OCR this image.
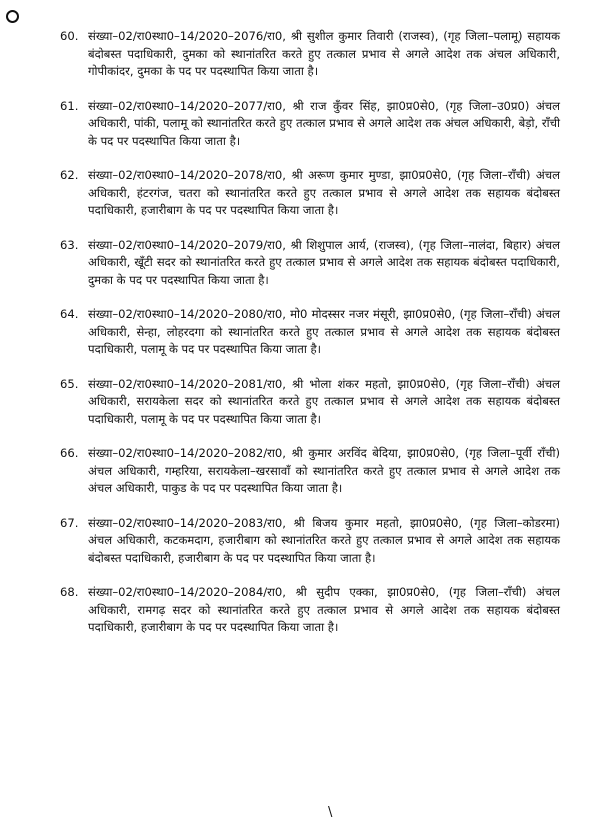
60. संख्या–02/रा0स्था0–14/2020–2076/रा0, श्री सुशील कुमार तिवारी (राजस्व), (गृह जिला–पलामू) सहायक बंदोबस्त पदाधिकारी, दुमका को स्थानांतरित करते हुए तत्काल प्रभाव से अगले आदेश तक अंचल अधिकारी, गोपीकांदर, दुमका के पद पर पदस्थापित किया जाता है।
61. संख्या–02/रा0स्था0–14/2020–2077/रा0, श्री राज कुँवर सिंह, झा0प्र0से0, (गृह जिला–उ0प्र0) अंचल अधिकारी, पांकी, पलामू को स्थानांतरित करते हुए तत्काल प्रभाव से अगले आदेश तक अंचल अधिकारी, बेड़ो, राँची के पद पर पदस्थापित किया जाता है।
62. संख्या–02/रा0स्था0–14/2020–2078/रा0, श्री अरूण कुमार मुण्डा, झा0प्र0से0, (गृह जिला–राँची) अंचल अधिकारी, हंटरगंज, चतरा को स्थानांतरित करते हुए तत्काल प्रभाव से अगले आदेश तक सहायक बंदोबस्त पदाधिकारी, हजारीबाग के पद पर पदस्थापित किया जाता है।
63. संख्या–02/रा0स्था0–14/2020–2079/रा0, श्री शिशुपाल आर्य, (राजस्व), (गृह जिला–नालंदा, बिहार) अंचल अधिकारी, खूँटी सदर को स्थानांतरित करते हुए तत्काल प्रभाव से अगले आदेश तक सहायक बंदोबस्त पदाधिकारी, दुमका के पद पर पदस्थापित किया जाता है।
64. संख्या–02/रा0स्था0–14/2020–2080/रा0, मो0 मोदस्सर नजर मंसूरी, झा0प्र0से0, (गृह जिला–राँची) अंचल अधिकारी, सेन्हा, लोहरदगा को स्थानांतरित करते हुए तत्काल प्रभाव से अगले आदेश तक सहायक बंदोबस्त पदाधिकारी, पलामू के पद पर पदस्थापित किया जाता है।
65. संख्या–02/रा0स्था0–14/2020–2081/रा0, श्री भोला शंकर महतो, झा0प्र0से0, (गृह जिला–राँची) अंचल अधिकारी, सरायकेला सदर को स्थानांतरित करते हुए तत्काल प्रभाव से अगले आदेश तक सहायक बंदोबस्त पदाधिकारी, पलामू के पद पर पदस्थापित किया जाता है।
66. संख्या–02/रा0स्था0–14/2020–2082/रा0, श्री कुमार अरविंद बेदिया, झा0प्र0से0, (गृह जिला–पूर्वी राँची) अंचल अधिकारी, गम्हरिया, सरायकेला–खरसावाँ को स्थानांतरित करते हुए तत्काल प्रभाव से अगले आदेश तक अंचल अधिकारी, पाकुड के पद पर पदस्थापित किया जाता है।
67. संख्या–02/रा0स्था0–14/2020–2083/रा0, श्री बिजय कुमार महतो, झा0प्र0से0, (गृह जिला–कोडरमा) अंचल अधिकारी, कटकमदाग, हजारीबाग को स्थानांतरित करते हुए तत्काल प्रभाव से अगले आदेश तक सहायक बंदोबस्त पदाधिकारी, हजारीबाग के पद पर पदस्थापित किया जाता है।
68. संख्या–02/रा0स्था0–14/2020–2084/रा0, श्री सुदीप एक्का, झा0प्र0से0, (गृह जिला–राँची) अंचल अधिकारी, रामगढ़ सदर को स्थानांतरित करते हुए तत्काल प्रभाव से अगले आदेश तक सहायक बंदोबस्त पदाधिकारी, हजारीबाग के पद पर पदस्थापित किया जाता है।
\
